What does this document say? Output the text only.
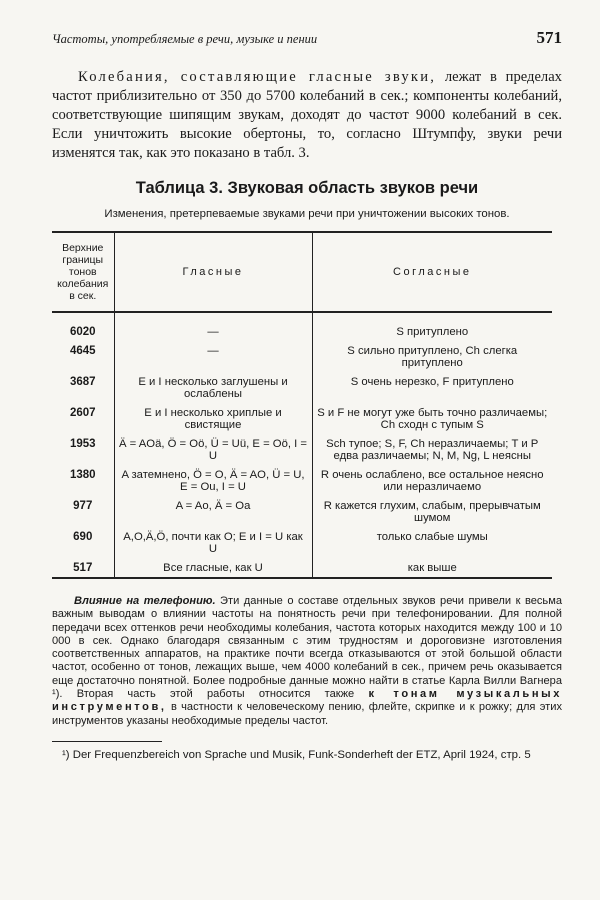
Частоты, употребляемые в речи, музыке и пении	571

Колебания, составляющие гласные звуки, лежат в пределах частот приблизительно от 350 до 5700 колебаний в сек.; компоненты колебаний, соответствующие шипящим звукам, доходят до частот 9000 колебаний в сек. Если уничтожить высокие обертоны, то, согласно Штумпфу, звуки речи изменятся так, как это показано в табл. 3.

Таблица 3. Звуковая область звуков речи
Изменения, претерпеваемые звуками речи при уничтожении высоких тонов.
Верхние границы тонов колебания в сек.	Гласные	Согласные

6020	—	S притуплено
4645	—	S сильно притуплено, Ch слегка притуплено
3687	E и I несколько заглушены и ослаблены	S очень нерезко, F притуплено
2607	E и I несколько хриплые и свистящие	S и F не могут уже быть точно различаемы; Ch сходн с тупым S
1953	Ä = AOä, Ö = Oö, Ü = Uü, E = Oö, I = U	Sch тупое; S, F, Ch неразличаемы; T и P едва различаемы; N, M, Ng, L неясны
1380	A затемнено, Ö = O, Ä = AO, Ü = U, E = Ou, I = U	R очень ослаблено, все остальное неясно или неразличаемо
977	A = Ao, Ä = Oa	R кажется глухим, слабым, прерывчатым шумом
690	A,O,Ä,Ö, почти как O; E и I = U как U	только слабые шумы
517	Все гласные, как U	как выше

Влияние на телефонию. Эти данные о составе отдельных звуков речи привели к весьма важным выводам о влиянии частоты на понятность речи при телефонировании. Для полной передачи всех оттенков речи необходимы колебания, частота которых находится между 100 и 10 000 в сек. Однако благодаря связанным с этим трудностям и дороговизне изготовления соответственных аппаратов, на практике почти всегда отказываются от этой большой области частот, особенно от тонов, лежащих выше, чем 4000 колебаний в сек., причем речь оказывается еще достаточно понятной. Более подробные данные можно найти в статье Карла Вилли Вагнера ¹). Вторая часть этой работы относится также к тонам музыкальных инструментов, в частности к человеческому пению, флейте, скрипке и к рожку; для этих инструментов указаны необходимые пределы частот.

¹) Der Frequenzbereich von Sprache und Musik, Funk-Sonderheft der ETZ, April 1924, стр. 5
